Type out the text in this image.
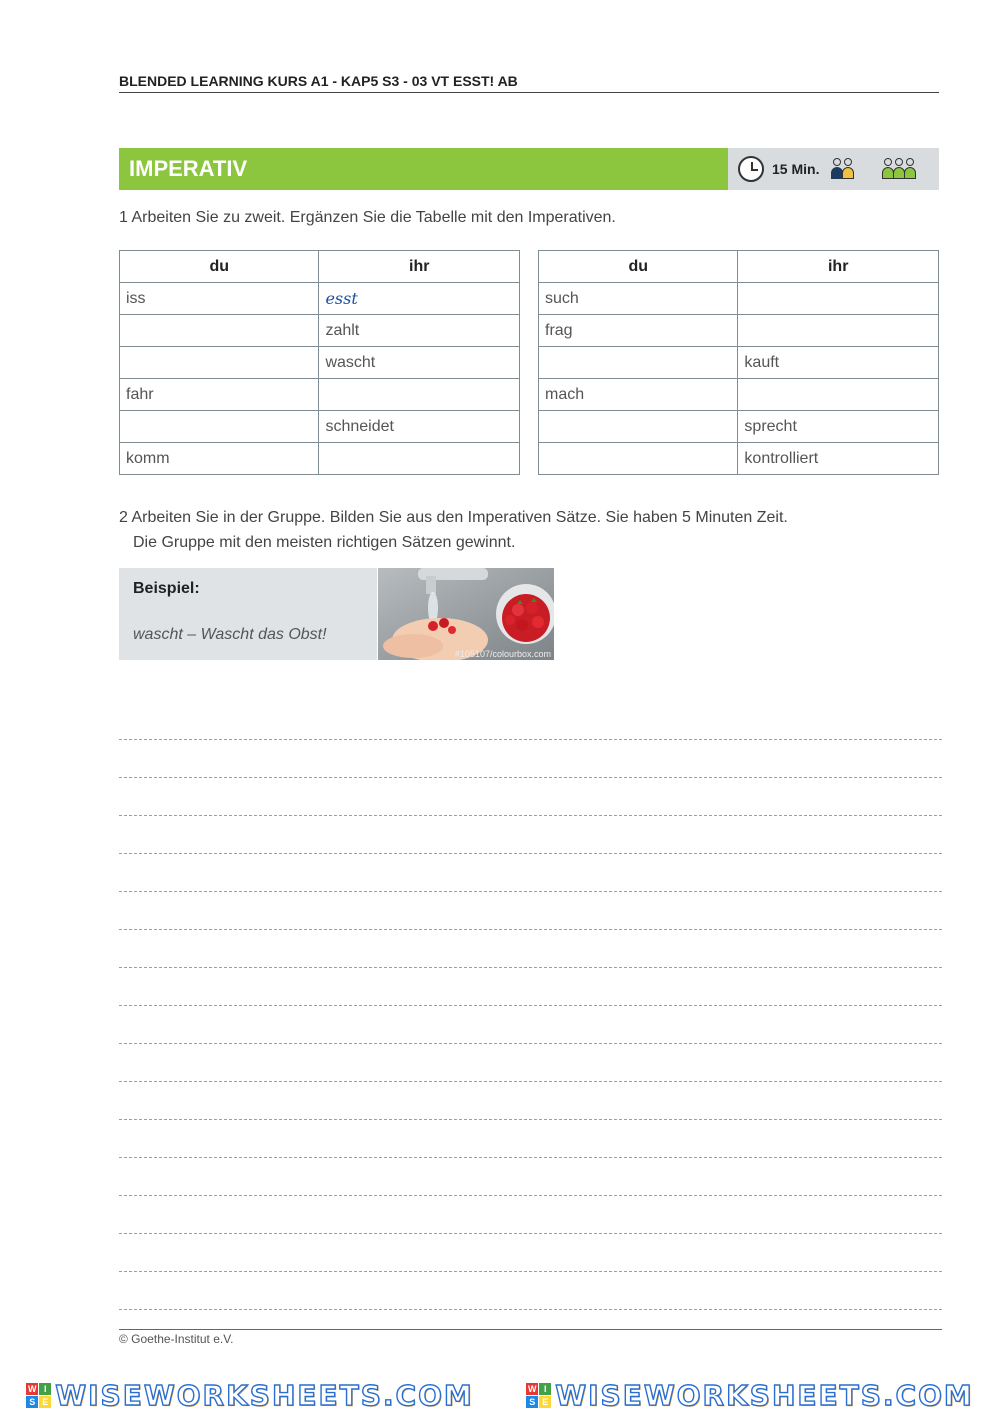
BLENDED LEARNING KURS A1 - KAP5 S3 - 03 VT ESST! AB
IMPERATIV	15 Min.
1 Arbeiten Sie zu zweit. Ergänzen Sie die Tabelle mit den Imperativen.
du	ihr
iss	esst
	zahlt
	wascht
fahr	
	schneidet
komm	
du	ihr
such	
frag	
	kauft
mach	
	sprecht
	kontrolliert
2 Arbeiten Sie in der Gruppe. Bilden Sie aus den Imperativen Sätze. Sie haben 5 Minuten Zeit.
Die Gruppe mit den meisten richtigen Sätzen gewinnt.
Beispiel:
wascht – Wascht das Obst!
#105107/colourbox.com
© Goethe-Institut e.V.
W I
S E WISEWORKSHEETS.COM	W I
S E WISEWORKSHEETS.COM
